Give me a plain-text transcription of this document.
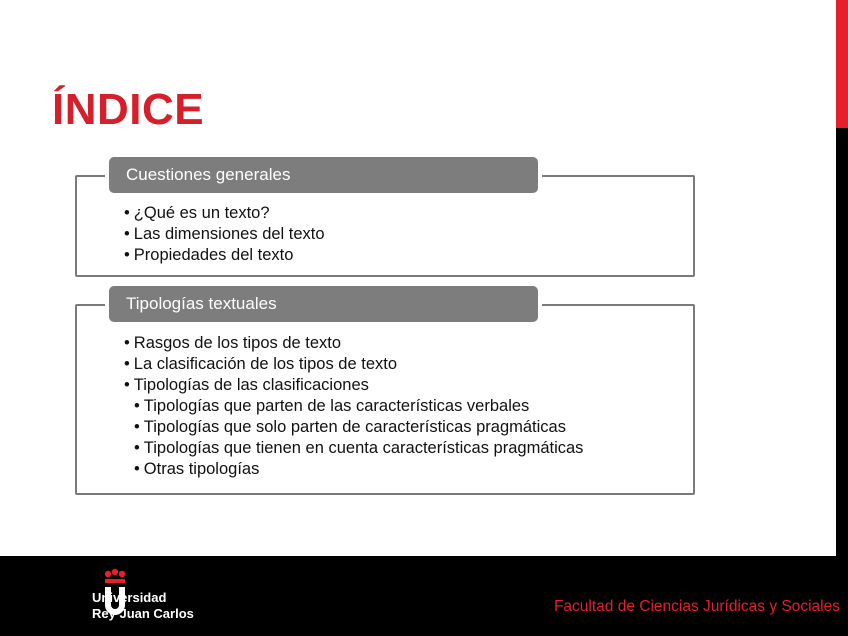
ÍNDICE
Cuestiones generales
• ¿Qué es un texto?
• Las dimensiones del texto
• Propiedades del texto
Tipologías textuales
• Rasgos de los tipos de texto
• La clasificación de los tipos de texto
• Tipologías de las clasificaciones
• Tipologías que parten de las características verbales
• Tipologías que solo parten de características pragmáticas
• Tipologías que tienen en cuenta características pragmáticas
• Otras tipologías
Universidad
Rey Juan Carlos	Facultad de Ciencias Jurídicas y Sociales
